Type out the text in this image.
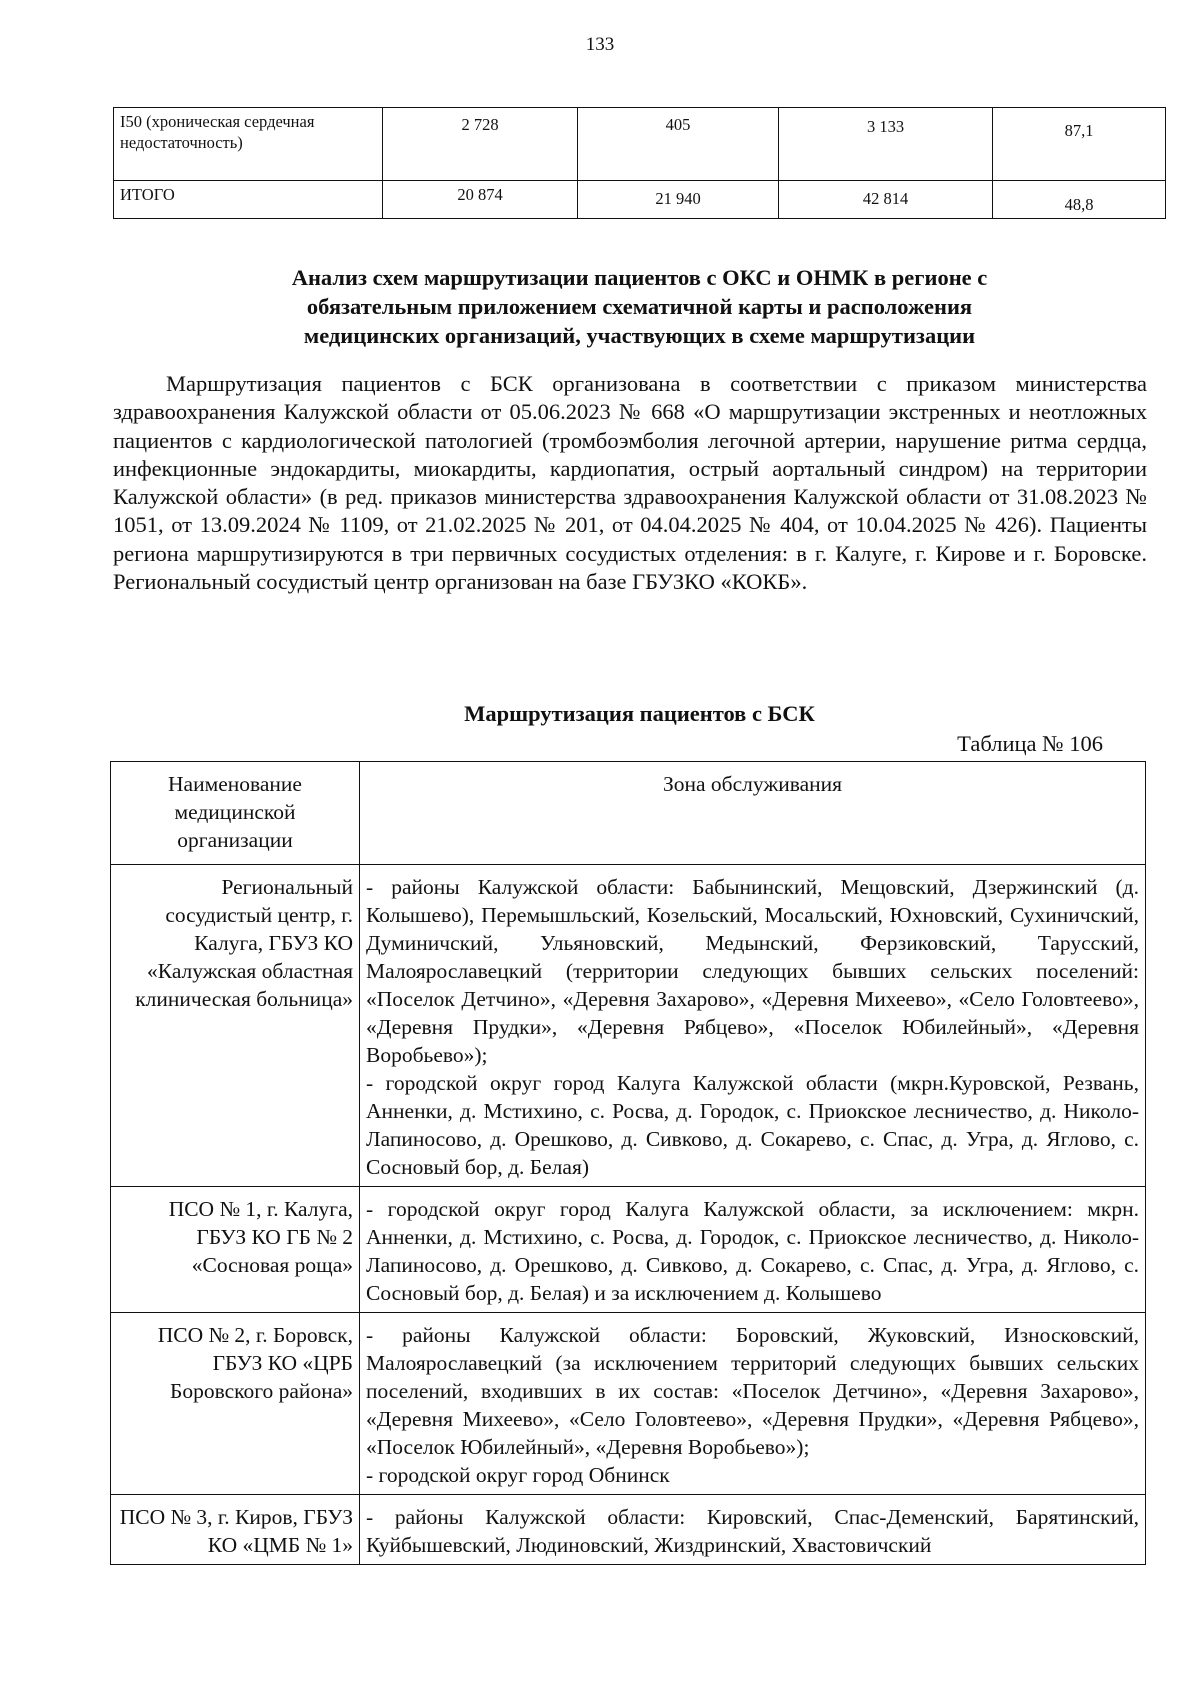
133
I50 (хроническая сердечная недостаточность)	2 728	405	3 133	87,1

ИТОГО	20 874	21 940	42 814	48,8
Анализ схем маршрутизации пациентов с ОКС и ОНМК в регионе с обязательным приложением схематичной карты и расположения медицинских организаций, участвующих в схеме маршрутизации
Маршрутизация пациентов с БСК организована в соответствии с приказом министерства здравоохранения Калужской области от 05.06.2023 № 668 «О маршрутизации экстренных и неотложных пациентов с кардиологической патологией (тромбоэмболия легочной артерии, нарушение ритма сердца, инфекционные эндокардиты, миокардиты, кардиопатия, острый аортальный синдром) на территории Калужской области» (в ред. приказов министерства здравоохранения Калужской области от 31.08.2023 № 1051, от 13.09.2024 № 1109, от 21.02.2025 № 201, от 04.04.2025 № 404, от 10.04.2025 № 426). Пациенты региона маршрутизируются в три первичных сосудистых отделения: в г. Калуге, г. Кирове и г. Боровске. Региональный сосудистый центр организован на базе ГБУЗКО «КОКБ».
Маршрутизация пациентов с БСК
Таблица № 106
Наименование медицинской организации	Зона обслуживания
Региональный сосудистый центр, г. Калуга, ГБУЗ КО «Калужская областная клиническая больница»	- районы Калужской области: Бабынинский, Мещовский, Дзержинский (д. Колышево), Перемышльский, Козельский, Мосальский, Юхновский, Сухиничский, Думиничский, Ульяновский, Медынский, Ферзиковский, Тарусский, Малоярославецкий (территории следующих бывших сельских поселений: «Поселок Детчино», «Деревня Захарово», «Деревня Михеево», «Село Головтеево», «Деревня Прудки», «Деревня Рябцево», «Поселок Юбилейный», «Деревня Воробьево»);
- городской округ город Калуга Калужской области (мкрн.Куровской, Резвань, Анненки, д. Мстихино, с. Росва, д. Городок, с. Приокское лесничество, д. Николо-Лапиносово, д. Орешково, д. Сивково, д. Сокарево, с. Спас, д. Угра, д. Яглово, с. Сосновый бор, д. Белая)

ПСО № 1, г. Калуга, ГБУЗ КО ГБ № 2 «Сосновая роща»	- городской округ город Калуга Калужской области, за исключением: мкрн. Анненки, д. Мстихино, с. Росва, д. Городок, с. Приокское лесничество, д. Николо-Лапиносово, д. Орешково, д. Сивково, д. Сокарево, с. Спас, д. Угра, д. Яглово, с. Сосновый бор, д. Белая) и за исключением д. Колышево

ПСО № 2, г. Боровск, ГБУЗ КО «ЦРБ Боровского района»	- районы Калужской области: Боровский, Жуковский, Износковский, Малоярославецкий (за исключением территорий следующих бывших сельских поселений, входивших в их состав: «Поселок Детчино», «Деревня Захарово», «Деревня Михеево», «Село Головтеево», «Деревня Прудки», «Деревня Рябцево», «Поселок Юбилейный», «Деревня Воробьево»);
- городской округ город Обнинск

ПСО № 3, г. Киров, ГБУЗ КО «ЦМБ № 1»	- районы Калужской области: Кировский, Спас-Деменский, Барятинский, Куйбышевский, Людиновский, Жиздринский, Хвастовичский
